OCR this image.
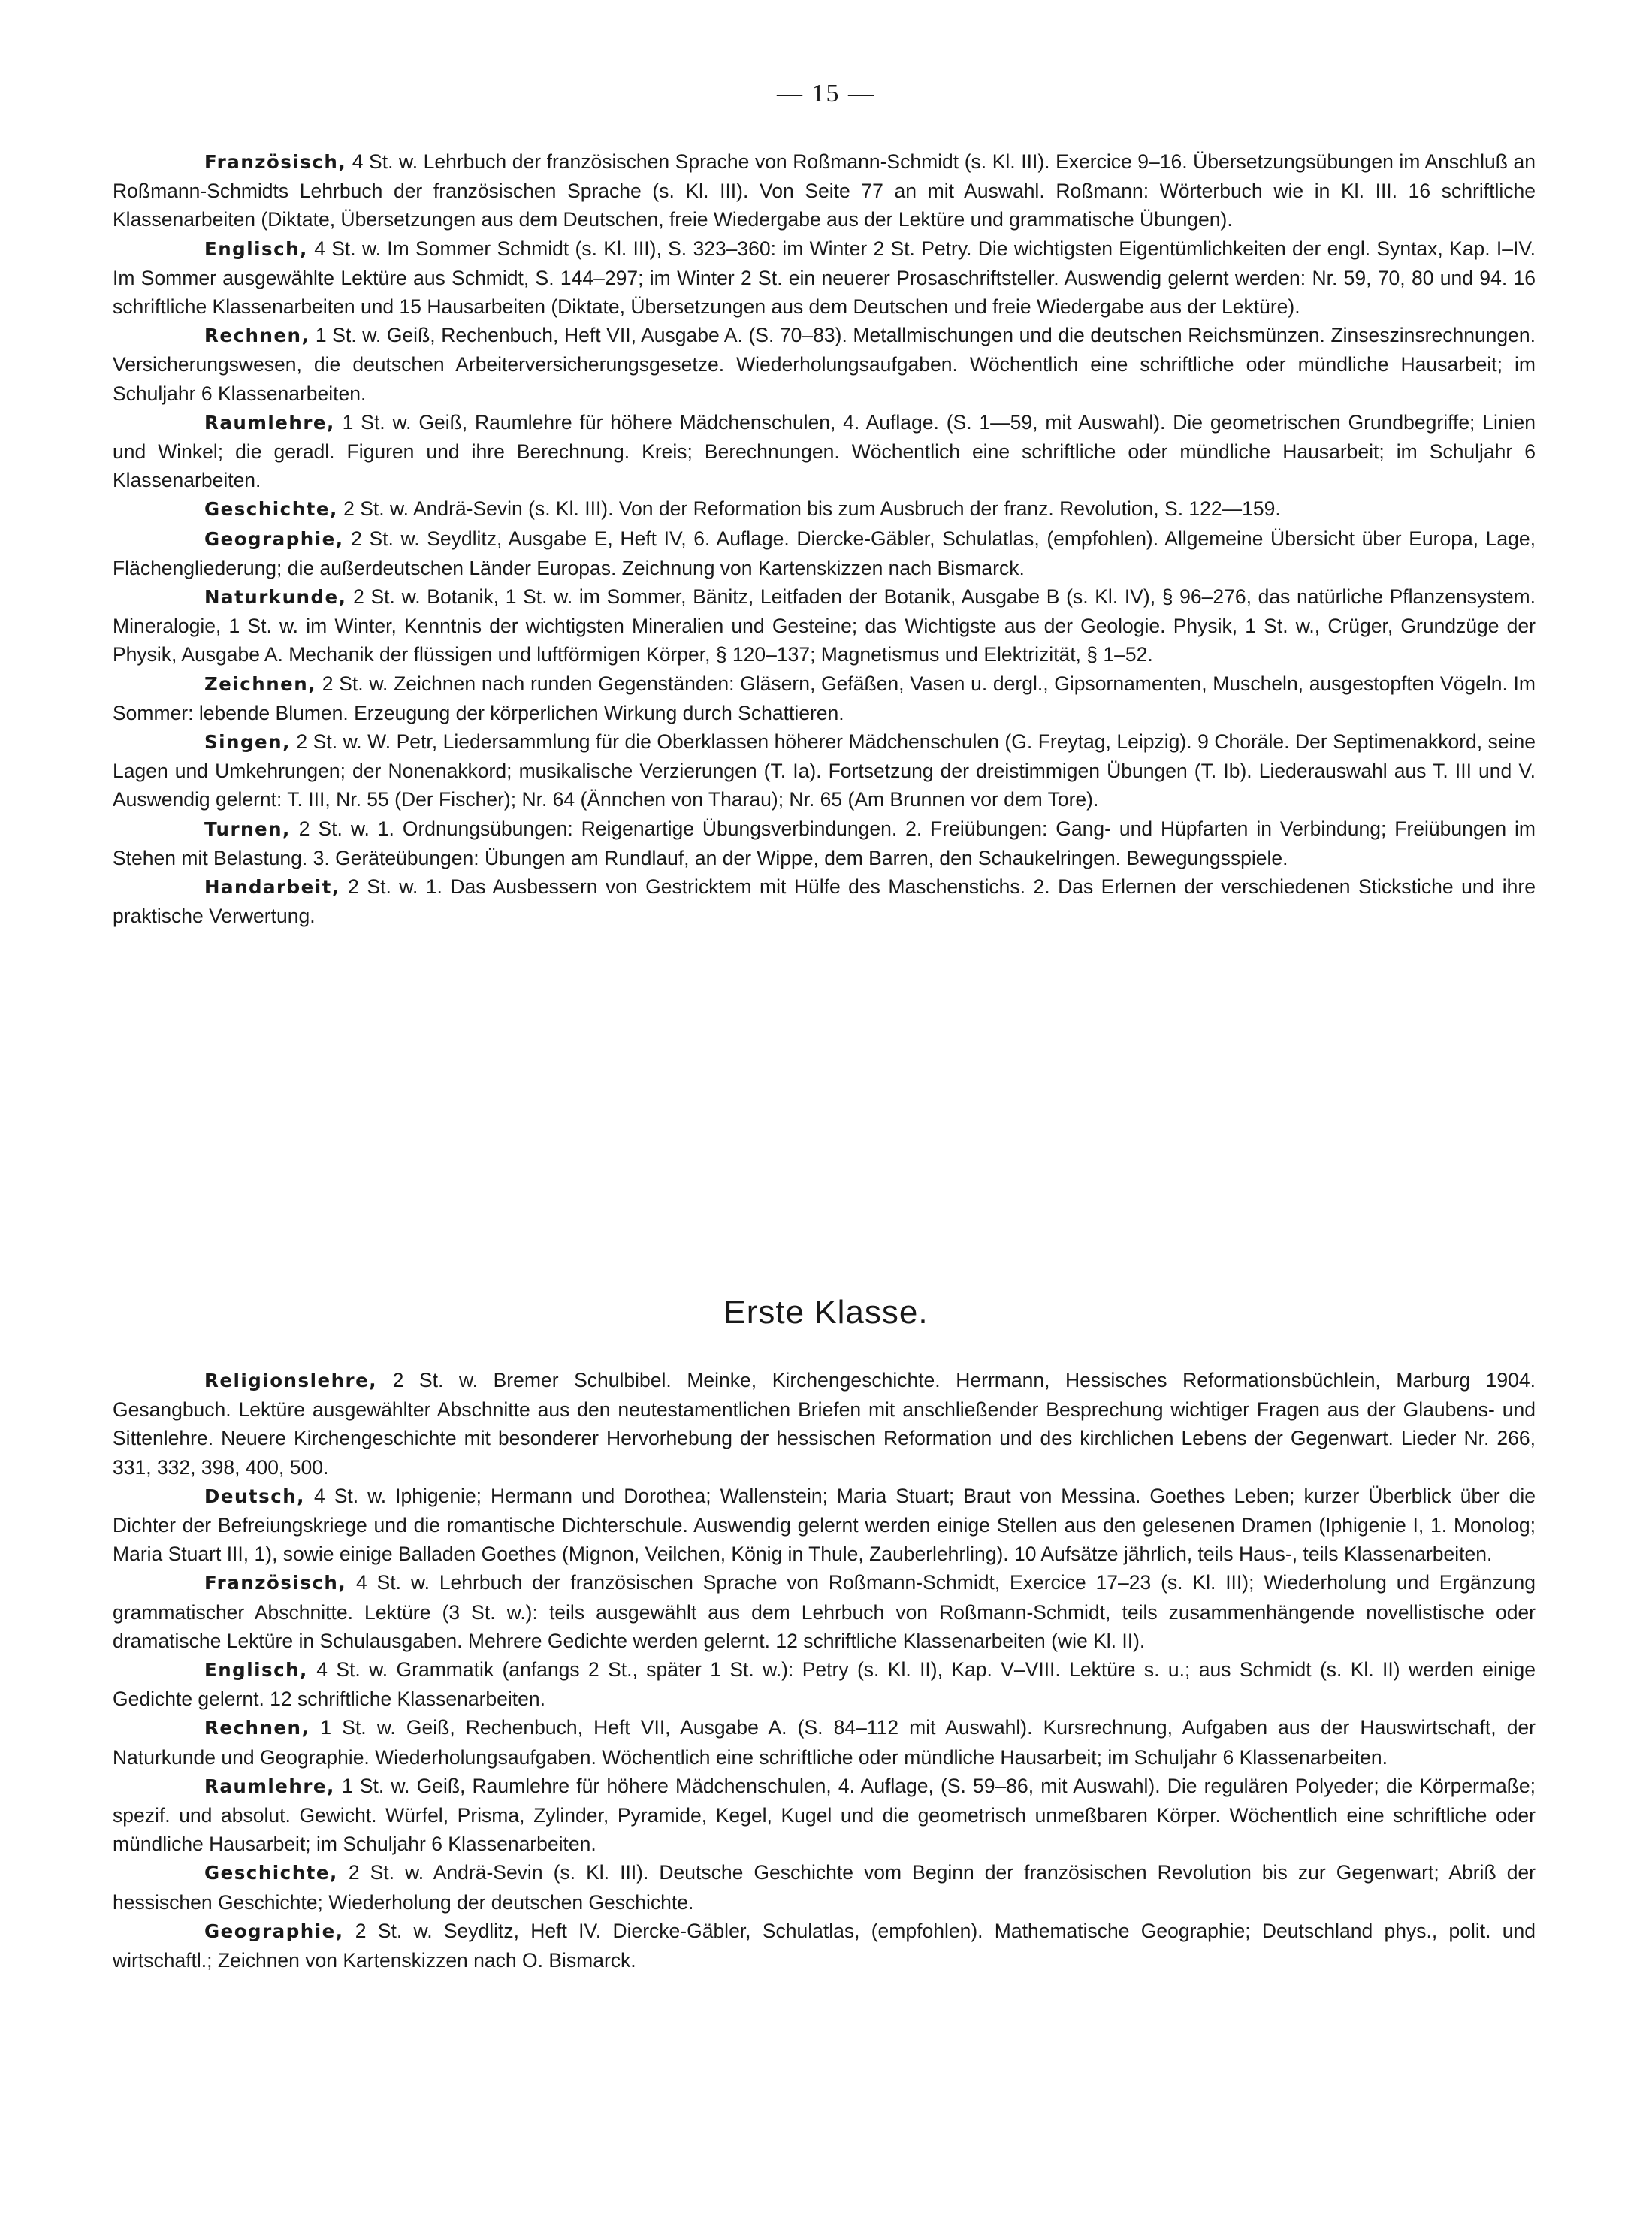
— 15 —

Französisch, 4 St. w. Lehrbuch der französischen Sprache von Roßmann-Schmidt (s. Kl. III). Exercice 9–16. Übersetzungsübungen im Anschluß an Roßmann-Schmidts Lehrbuch der französischen Sprache (s. Kl. III). Von Seite 77 an mit Auswahl. Roßmann: Wörterbuch wie in Kl. III. 16 schriftliche Klassenarbeiten (Diktate, Übersetzungen aus dem Deutschen, freie Wiedergabe aus der Lektüre und grammatische Übungen).

Englisch, 4 St. w. Im Sommer Schmidt (s. Kl. III), S. 323–360: im Winter 2 St. Petry. Die wichtigsten Eigentümlichkeiten der engl. Syntax, Kap. I–IV. Im Sommer ausgewählte Lektüre aus Schmidt, S. 144–297; im Winter 2 St. ein neuerer Prosaschriftsteller. Auswendig gelernt werden: Nr. 59, 70, 80 und 94. 16 schriftliche Klassenarbeiten und 15 Hausarbeiten (Diktate, Übersetzungen aus dem Deutschen und freie Wiedergabe aus der Lektüre).

Rechnen, 1 St. w. Geiß, Rechenbuch, Heft VII, Ausgabe A. (S. 70–83). Metallmischungen und die deutschen Reichsmünzen. Zinseszinsrechnungen. Versicherungswesen, die deutschen Arbeiterversicherungsgesetze. Wiederholungsaufgaben. Wöchentlich eine schriftliche oder mündliche Hausarbeit; im Schuljahr 6 Klassenarbeiten.

Raumlehre, 1 St. w. Geiß, Raumlehre für höhere Mädchenschulen, 4. Auflage. (S. 1—59, mit Auswahl). Die geometrischen Grundbegriffe; Linien und Winkel; die geradl. Figuren und ihre Berechnung. Kreis; Berechnungen. Wöchentlich eine schriftliche oder mündliche Hausarbeit; im Schuljahr 6 Klassenarbeiten.

Geschichte, 2 St. w. Andrä-Sevin (s. Kl. III). Von der Reformation bis zum Ausbruch der franz. Revolution, S. 122—159.

Geographie, 2 St. w. Seydlitz, Ausgabe E, Heft IV, 6. Auflage. Diercke-Gäbler, Schulatlas, (empfohlen). Allgemeine Übersicht über Europa, Lage, Flächengliederung; die außerdeutschen Länder Europas. Zeichnung von Kartenskizzen nach Bismarck.

Naturkunde, 2 St. w. Botanik, 1 St. w. im Sommer, Bänitz, Leitfaden der Botanik, Ausgabe B (s. Kl. IV), § 96–276, das natürliche Pflanzensystem. Mineralogie, 1 St. w. im Winter, Kenntnis der wichtigsten Mineralien und Gesteine; das Wichtigste aus der Geologie. Physik, 1 St. w., Crüger, Grundzüge der Physik, Ausgabe A. Mechanik der flüssigen und luftförmigen Körper, § 120–137; Magnetismus und Elektrizität, § 1–52.

Zeichnen, 2 St. w. Zeichnen nach runden Gegenständen: Gläsern, Gefäßen, Vasen u. dergl., Gipsornamenten, Muscheln, ausgestopften Vögeln. Im Sommer: lebende Blumen. Erzeugung der körperlichen Wirkung durch Schattieren.

Singen, 2 St. w. W. Petr, Liedersammlung für die Oberklassen höherer Mädchenschulen (G. Freytag, Leipzig). 9 Choräle. Der Septimenakkord, seine Lagen und Umkehrungen; der Nonenakkord; musikalische Verzierungen (T. Ia). Fortsetzung der dreistimmigen Übungen (T. Ib). Liederauswahl aus T. III und V. Auswendig gelernt: T. III, Nr. 55 (Der Fischer); Nr. 64 (Ännchen von Tharau); Nr. 65 (Am Brunnen vor dem Tore).

Turnen, 2 St. w. 1. Ordnungsübungen: Reigenartige Übungsverbindungen. 2. Freiübungen: Gang- und Hüpfarten in Verbindung; Freiübungen im Stehen mit Belastung. 3. Geräteübungen: Übungen am Rundlauf, an der Wippe, dem Barren, den Schaukelringen. Bewegungsspiele.

Handarbeit, 2 St. w. 1. Das Ausbessern von Gestricktem mit Hülfe des Maschenstichs. 2. Das Erlernen der verschiedenen Stickstiche und ihre praktische Verwertung.

Erste Klasse.

Religionslehre, 2 St. w. Bremer Schulbibel. Meinke, Kirchengeschichte. Herrmann, Hessisches Reformationsbüchlein, Marburg 1904. Gesangbuch. Lektüre ausgewählter Abschnitte aus den neutestamentlichen Briefen mit anschließender Besprechung wichtiger Fragen aus der Glaubens- und Sittenlehre. Neuere Kirchengeschichte mit besonderer Hervorhebung der hessischen Reformation und des kirchlichen Lebens der Gegenwart. Lieder Nr. 266, 331, 332, 398, 400, 500.

Deutsch, 4 St. w. Iphigenie; Hermann und Dorothea; Wallenstein; Maria Stuart; Braut von Messina. Goethes Leben; kurzer Überblick über die Dichter der Befreiungskriege und die romantische Dichterschule. Auswendig gelernt werden einige Stellen aus den gelesenen Dramen (Iphigenie I, 1. Monolog; Maria Stuart III, 1), sowie einige Balladen Goethes (Mignon, Veilchen, König in Thule, Zauberlehrling). 10 Aufsätze jährlich, teils Haus-, teils Klassenarbeiten.

Französisch, 4 St. w. Lehrbuch der französischen Sprache von Roßmann-Schmidt, Exercice 17–23 (s. Kl. III); Wiederholung und Ergänzung grammatischer Abschnitte. Lektüre (3 St. w.): teils ausgewählt aus dem Lehrbuch von Roßmann-Schmidt, teils zusammenhängende novellistische oder dramatische Lektüre in Schulausgaben. Mehrere Gedichte werden gelernt. 12 schriftliche Klassenarbeiten (wie Kl. II).

Englisch, 4 St. w. Grammatik (anfangs 2 St., später 1 St. w.): Petry (s. Kl. II), Kap. V–VIII. Lektüre s. u.; aus Schmidt (s. Kl. II) werden einige Gedichte gelernt. 12 schriftliche Klassenarbeiten.

Rechnen, 1 St. w. Geiß, Rechenbuch, Heft VII, Ausgabe A. (S. 84–112 mit Auswahl). Kursrechnung, Aufgaben aus der Hauswirtschaft, der Naturkunde und Geographie. Wiederholungsaufgaben. Wöchentlich eine schriftliche oder mündliche Hausarbeit; im Schuljahr 6 Klassenarbeiten.

Raumlehre, 1 St. w. Geiß, Raumlehre für höhere Mädchenschulen, 4. Auflage, (S. 59–86, mit Auswahl). Die regulären Polyeder; die Körpermaße; spezif. und absolut. Gewicht. Würfel, Prisma, Zylinder, Pyramide, Kegel, Kugel und die geometrisch unmeßbaren Körper. Wöchentlich eine schriftliche oder mündliche Hausarbeit; im Schuljahr 6 Klassenarbeiten.

Geschichte, 2 St. w. Andrä-Sevin (s. Kl. III). Deutsche Geschichte vom Beginn der französischen Revolution bis zur Gegenwart; Abriß der hessischen Geschichte; Wiederholung der deutschen Geschichte.

Geographie, 2 St. w. Seydlitz, Heft IV. Diercke-Gäbler, Schulatlas, (empfohlen). Mathematische Geographie; Deutschland phys., polit. und wirtschaftl.; Zeichnen von Kartenskizzen nach O. Bismarck.
